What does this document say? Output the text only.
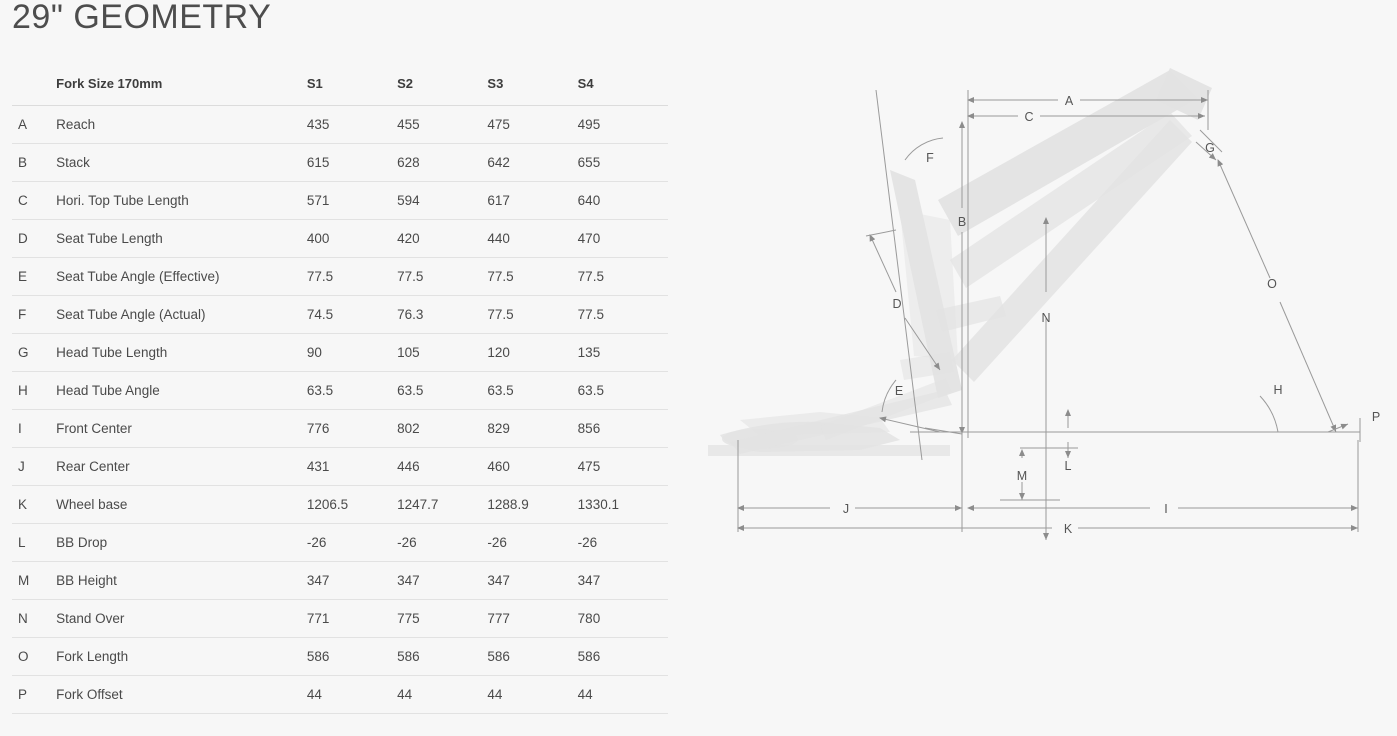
29" GEOMETRY
	Fork Size 170mm	S1	S2	S3	S4
A	Reach	435	455	475	495
B	Stack	615	628	642	655
C	Hori. Top Tube Length	571	594	617	640
D	Seat Tube Length	400	420	440	470
E	Seat Tube Angle (Effective)	77.5	77.5	77.5	77.5
F	Seat Tube Angle (Actual)	74.5	76.3	77.5	77.5
G	Head Tube Length	90	105	120	135
H	Head Tube Angle	63.5	63.5	63.5	63.5
I	Front Center	776	802	829	856
J	Rear Center	431	446	460	475
K	Wheel base	1206.5	1247.7	1288.9	1330.1
L	BB Drop	-26	-26	-26	-26
M	BB Height	347	347	347	347
N	Stand Over	771	775	777	780
O	Fork Length	586	586	586	586
P	Fork Offset	44	44	44	44
A
C
B
F
D
E
G
O
H
P
N
L
M
J	I
K
